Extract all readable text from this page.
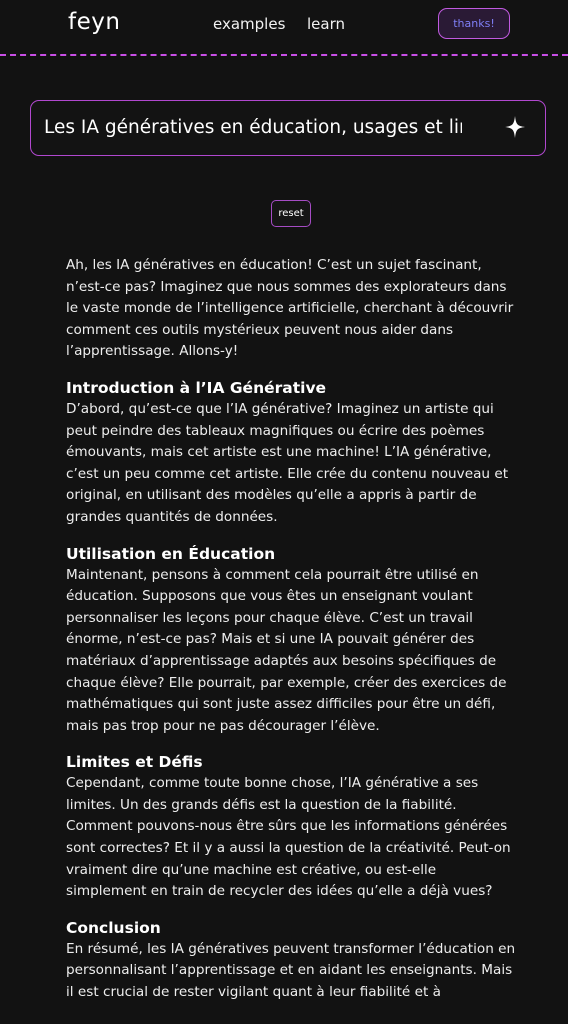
feyn	examples learn	thanks!
Les IA génératives en éducation, usages et limites
reset

Ah, les IA génératives en éducation! C’est un sujet fascinant, n’est-ce pas? Imaginez que nous sommes des explorateurs dans le vaste monde de l’intelligence artificielle, cherchant à découvrir comment ces outils mystérieux peuvent nous aider dans l’apprentissage. Allons-y!

Introduction à l’IA Générative

D’abord, qu’est-ce que l’IA générative? Imaginez un artiste qui peut peindre des tableaux magnifiques ou écrire des poèmes émouvants, mais cet artiste est une machine! L’IA générative, c’est un peu comme cet artiste. Elle crée du contenu nouveau et original, en utilisant des modèles qu’elle a appris à partir de grandes quantités de données.

Utilisation en Éducation

Maintenant, pensons à comment cela pourrait être utilisé en éducation. Supposons que vous êtes un enseignant voulant personnaliser les leçons pour chaque élève. C’est un travail énorme, n’est-ce pas? Mais et si une IA pouvait générer des matériaux d’apprentissage adaptés aux besoins spécifiques de chaque élève? Elle pourrait, par exemple, créer des exercices de mathématiques qui sont juste assez difficiles pour être un défi, mais pas trop pour ne pas décourager l’élève.

Limites et Défis

Cependant, comme toute bonne chose, l’IA générative a ses limites. Un des grands défis est la question de la fiabilité. Comment pouvons-nous être sûrs que les informations générées sont correctes? Et il y a aussi la question de la créativité. Peut-on vraiment dire qu’une machine est créative, ou est-elle simplement en train de recycler des idées qu’elle a déjà vues?

Conclusion

En résumé, les IA génératives peuvent transformer l’éducation en personnalisant l’apprentissage et en aidant les enseignants. Mais il est crucial de rester vigilant quant à leur fiabilité et à
